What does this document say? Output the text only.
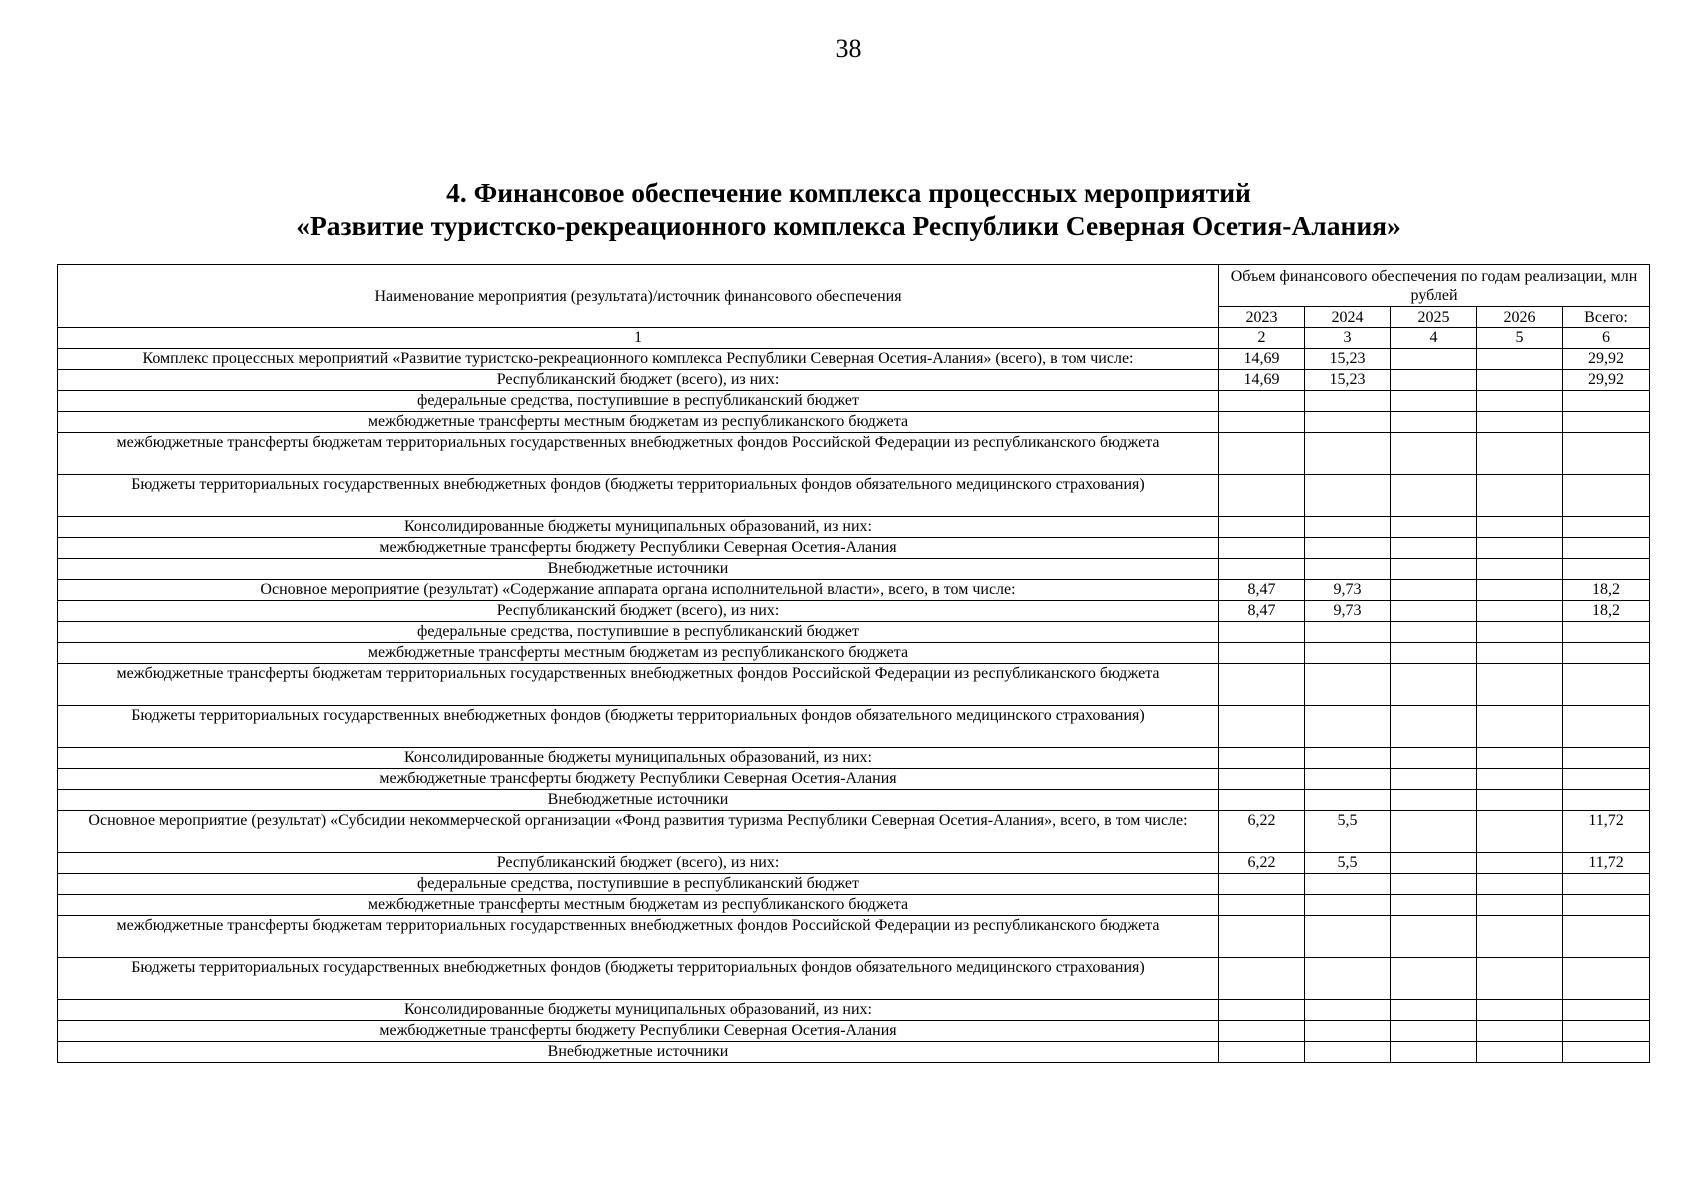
38
4. Финансовое обеспечение комплекса процессных мероприятий
«Развитие туристско-рекреационного комплекса Республики Северная Осетия-Алания»
Наименование мероприятия (результата)/источник финансового обеспечения	Объем финансового обеспечения по годам реализации, млн рублей				
	2023	2024	2025	2026	Всего:
1	2	3	4	5	6
Комплекс процессных мероприятий «Развитие туристско-рекреационного комплекса Республики Северная Осетия-Алания» (всего), в том числе:	14,69	15,23			29,92
Республиканский бюджет (всего), из них:	14,69	15,23			29,92
федеральные средства, поступившие в республиканский бюджет					
межбюджетные трансферты местным бюджетам из республиканского бюджета					
межбюджетные трансферты бюджетам территориальных государственных внебюджетных фондов Российской Федерации из республиканского бюджета					
Бюджеты территориальных государственных внебюджетных фондов (бюджеты территориальных фондов обязательного медицинского страхования)					
Консолидированные бюджеты муниципальных образований, из них:					
межбюджетные трансферты бюджету Республики Северная Осетия-Алания					
Внебюджетные источники					
Основное мероприятие (результат) «Содержание аппарата органа исполнительной власти», всего, в том числе:	8,47	9,73			18,2
Республиканский бюджет (всего), из них:	8,47	9,73			18,2
федеральные средства, поступившие в республиканский бюджет					
межбюджетные трансферты местным бюджетам из республиканского бюджета					
межбюджетные трансферты бюджетам территориальных государственных внебюджетных фондов Российской Федерации из республиканского бюджета					
Бюджеты территориальных государственных внебюджетных фондов (бюджеты территориальных фондов обязательного медицинского страхования)					
Консолидированные бюджеты муниципальных образований, из них:					
межбюджетные трансферты бюджету Республики Северная Осетия-Алания					
Внебюджетные источники					
Основное мероприятие (результат) «Субсидии некоммерческой организации «Фонд развития туризма Республики Северная Осетия-Алания», всего, в том числе:	6,22	5,5			11,72
Республиканский бюджет (всего), из них:	6,22	5,5			11,72
федеральные средства, поступившие в республиканский бюджет					
межбюджетные трансферты местным бюджетам из республиканского бюджета					
межбюджетные трансферты бюджетам территориальных государственных внебюджетных фондов Российской Федерации из республиканского бюджета					
Бюджеты территориальных государственных внебюджетных фондов (бюджеты территориальных фондов обязательного медицинского страхования)					
Консолидированные бюджеты муниципальных образований, из них:					
межбюджетные трансферты бюджету Республики Северная Осетия-Алания					
Внебюджетные источники					
